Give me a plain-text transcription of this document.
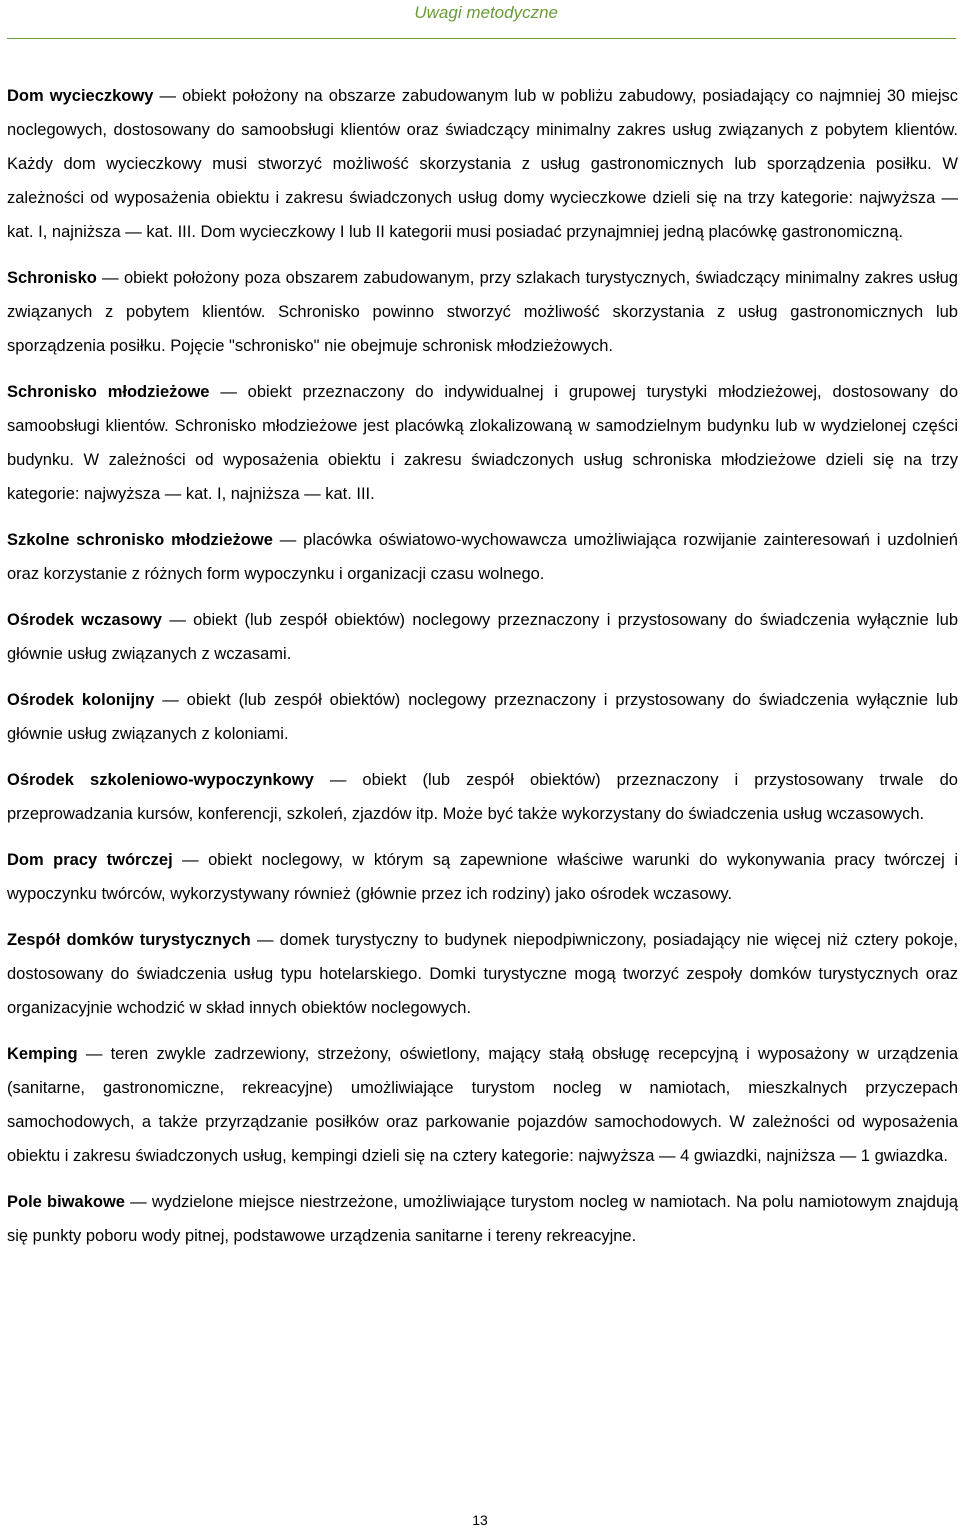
Uwagi metodyczne

Dom wycieczkowy — obiekt położony na obszarze zabudowanym lub w pobliżu zabudowy, posiadający co najmniej 30 miejsc noclegowych, dostosowany do samoobsługi klientów oraz świadczący minimalny zakres usług związanych z pobytem klientów. Każdy dom wycieczkowy musi stworzyć możliwość skorzystania z usług gastronomicznych lub sporządzenia posiłku. W zależności od wyposażenia obiektu i zakresu świadczonych usług domy wycieczkowe dzieli się na trzy kategorie: najwyższa — kat. I, najniższa — kat. III. Dom wycieczkowy I lub II kategorii musi posiadać przynajmniej jedną placówkę gastronomiczną.

Schronisko — obiekt położony poza obszarem zabudowanym, przy szlakach turystycznych, świadczący minimalny zakres usług związanych z pobytem klientów. Schronisko powinno stworzyć możliwość skorzystania z usług gastronomicznych lub sporządzenia posiłku. Pojęcie "schronisko" nie obejmuje schronisk młodzieżowych.

Schronisko młodzieżowe — obiekt przeznaczony do indywidualnej i grupowej turystyki młodzieżowej, dostosowany do samoobsługi klientów. Schronisko młodzieżowe jest placówką zlokalizowaną w samodzielnym budynku lub w wydzielonej części budynku. W zależności od wyposażenia obiektu i zakresu świadczonych usług schroniska młodzieżowe dzieli się na trzy kategorie: najwyższa — kat. I, najniższa — kat. III.

Szkolne schronisko młodzieżowe — placówka oświatowo-wychowawcza umożliwiająca rozwijanie zainteresowań i uzdolnień oraz korzystanie z różnych form wypoczynku i organizacji czasu wolnego.

Ośrodek wczasowy — obiekt (lub zespół obiektów) noclegowy przeznaczony i przystosowany do świadczenia wyłącznie lub głównie usług związanych z wczasami.

Ośrodek kolonijny — obiekt (lub zespół obiektów) noclegowy przeznaczony i przystosowany do świadczenia wyłącznie lub głównie usług związanych z koloniami.

Ośrodek szkoleniowo-wypoczynkowy — obiekt (lub zespół obiektów) przeznaczony i przystosowany trwale do przeprowadzania kursów, konferencji, szkoleń, zjazdów itp. Może być także wykorzystany do świadczenia usług wczasowych.

Dom pracy twórczej — obiekt noclegowy, w którym są zapewnione właściwe warunki do wykonywania pracy twórczej i wypoczynku twórców, wykorzystywany również (głównie przez ich rodziny) jako ośrodek wczasowy.

Zespół domków turystycznych — domek turystyczny to budynek niepodpiwniczony, posiadający nie więcej niż cztery pokoje, dostosowany do świadczenia usług typu hotelarskiego. Domki turystyczne mogą tworzyć zespoły domków turystycznych oraz organizacyjnie wchodzić w skład innych obiektów noclegowych.

Kemping — teren zwykle zadrzewiony, strzeżony, oświetlony, mający stałą obsługę recepcyjną i wyposażony w urządzenia (sanitarne, gastronomiczne, rekreacyjne) umożliwiające turystom nocleg w namiotach, mieszkalnych przyczepach samochodowych, a także przyrządzanie posiłków oraz parkowanie pojazdów samochodowych. W zależności od wyposażenia obiektu i zakresu świadczonych usług, kempingi dzieli się na cztery kategorie: najwyższa — 4 gwiazdki, najniższa — 1 gwiazdka.

Pole biwakowe — wydzielone miejsce niestrzeżone, umożliwiające turystom nocleg w namiotach. Na polu namiotowym znajdują się punkty poboru wody pitnej, podstawowe urządzenia sanitarne i tereny rekreacyjne.

13
